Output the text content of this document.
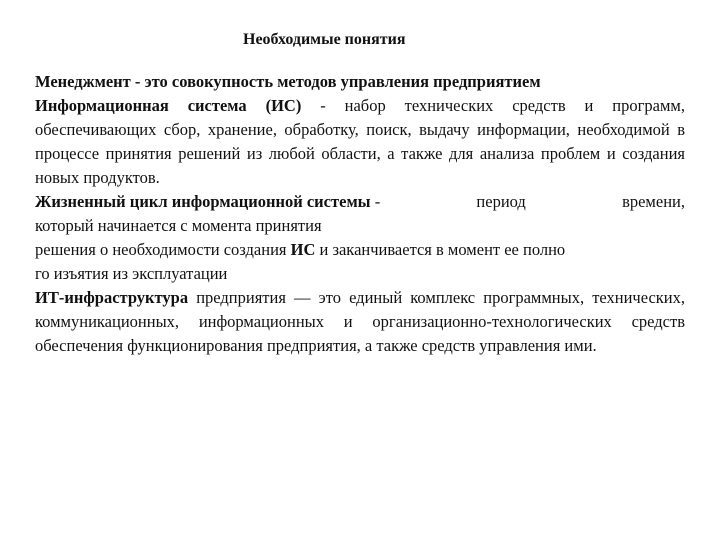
Необходимые понятия

Менеджмент - это совокупность методов управления предприятием

Информационная система (ИС) - набор технических средств и программ, обеспечивающих сбор, хранение, обработку, поиск, выдачу информации, необходимой в процессе принятия решений из любой области, а также для анализа проблем и создания новых продуктов.

Жизненный цикл информационной системы -	период	времени,
который начинается с момента принятия
решения о необходимости создания ИС и заканчивается в момент ее полно
го изъятия из эксплуатации

ИТ-инфраструктура предприятия — это единый комплекс программных, технических, коммуникационных, информационных и организационно-технологических средств обеспечения функционирования предприятия, а также средств управления ими.
